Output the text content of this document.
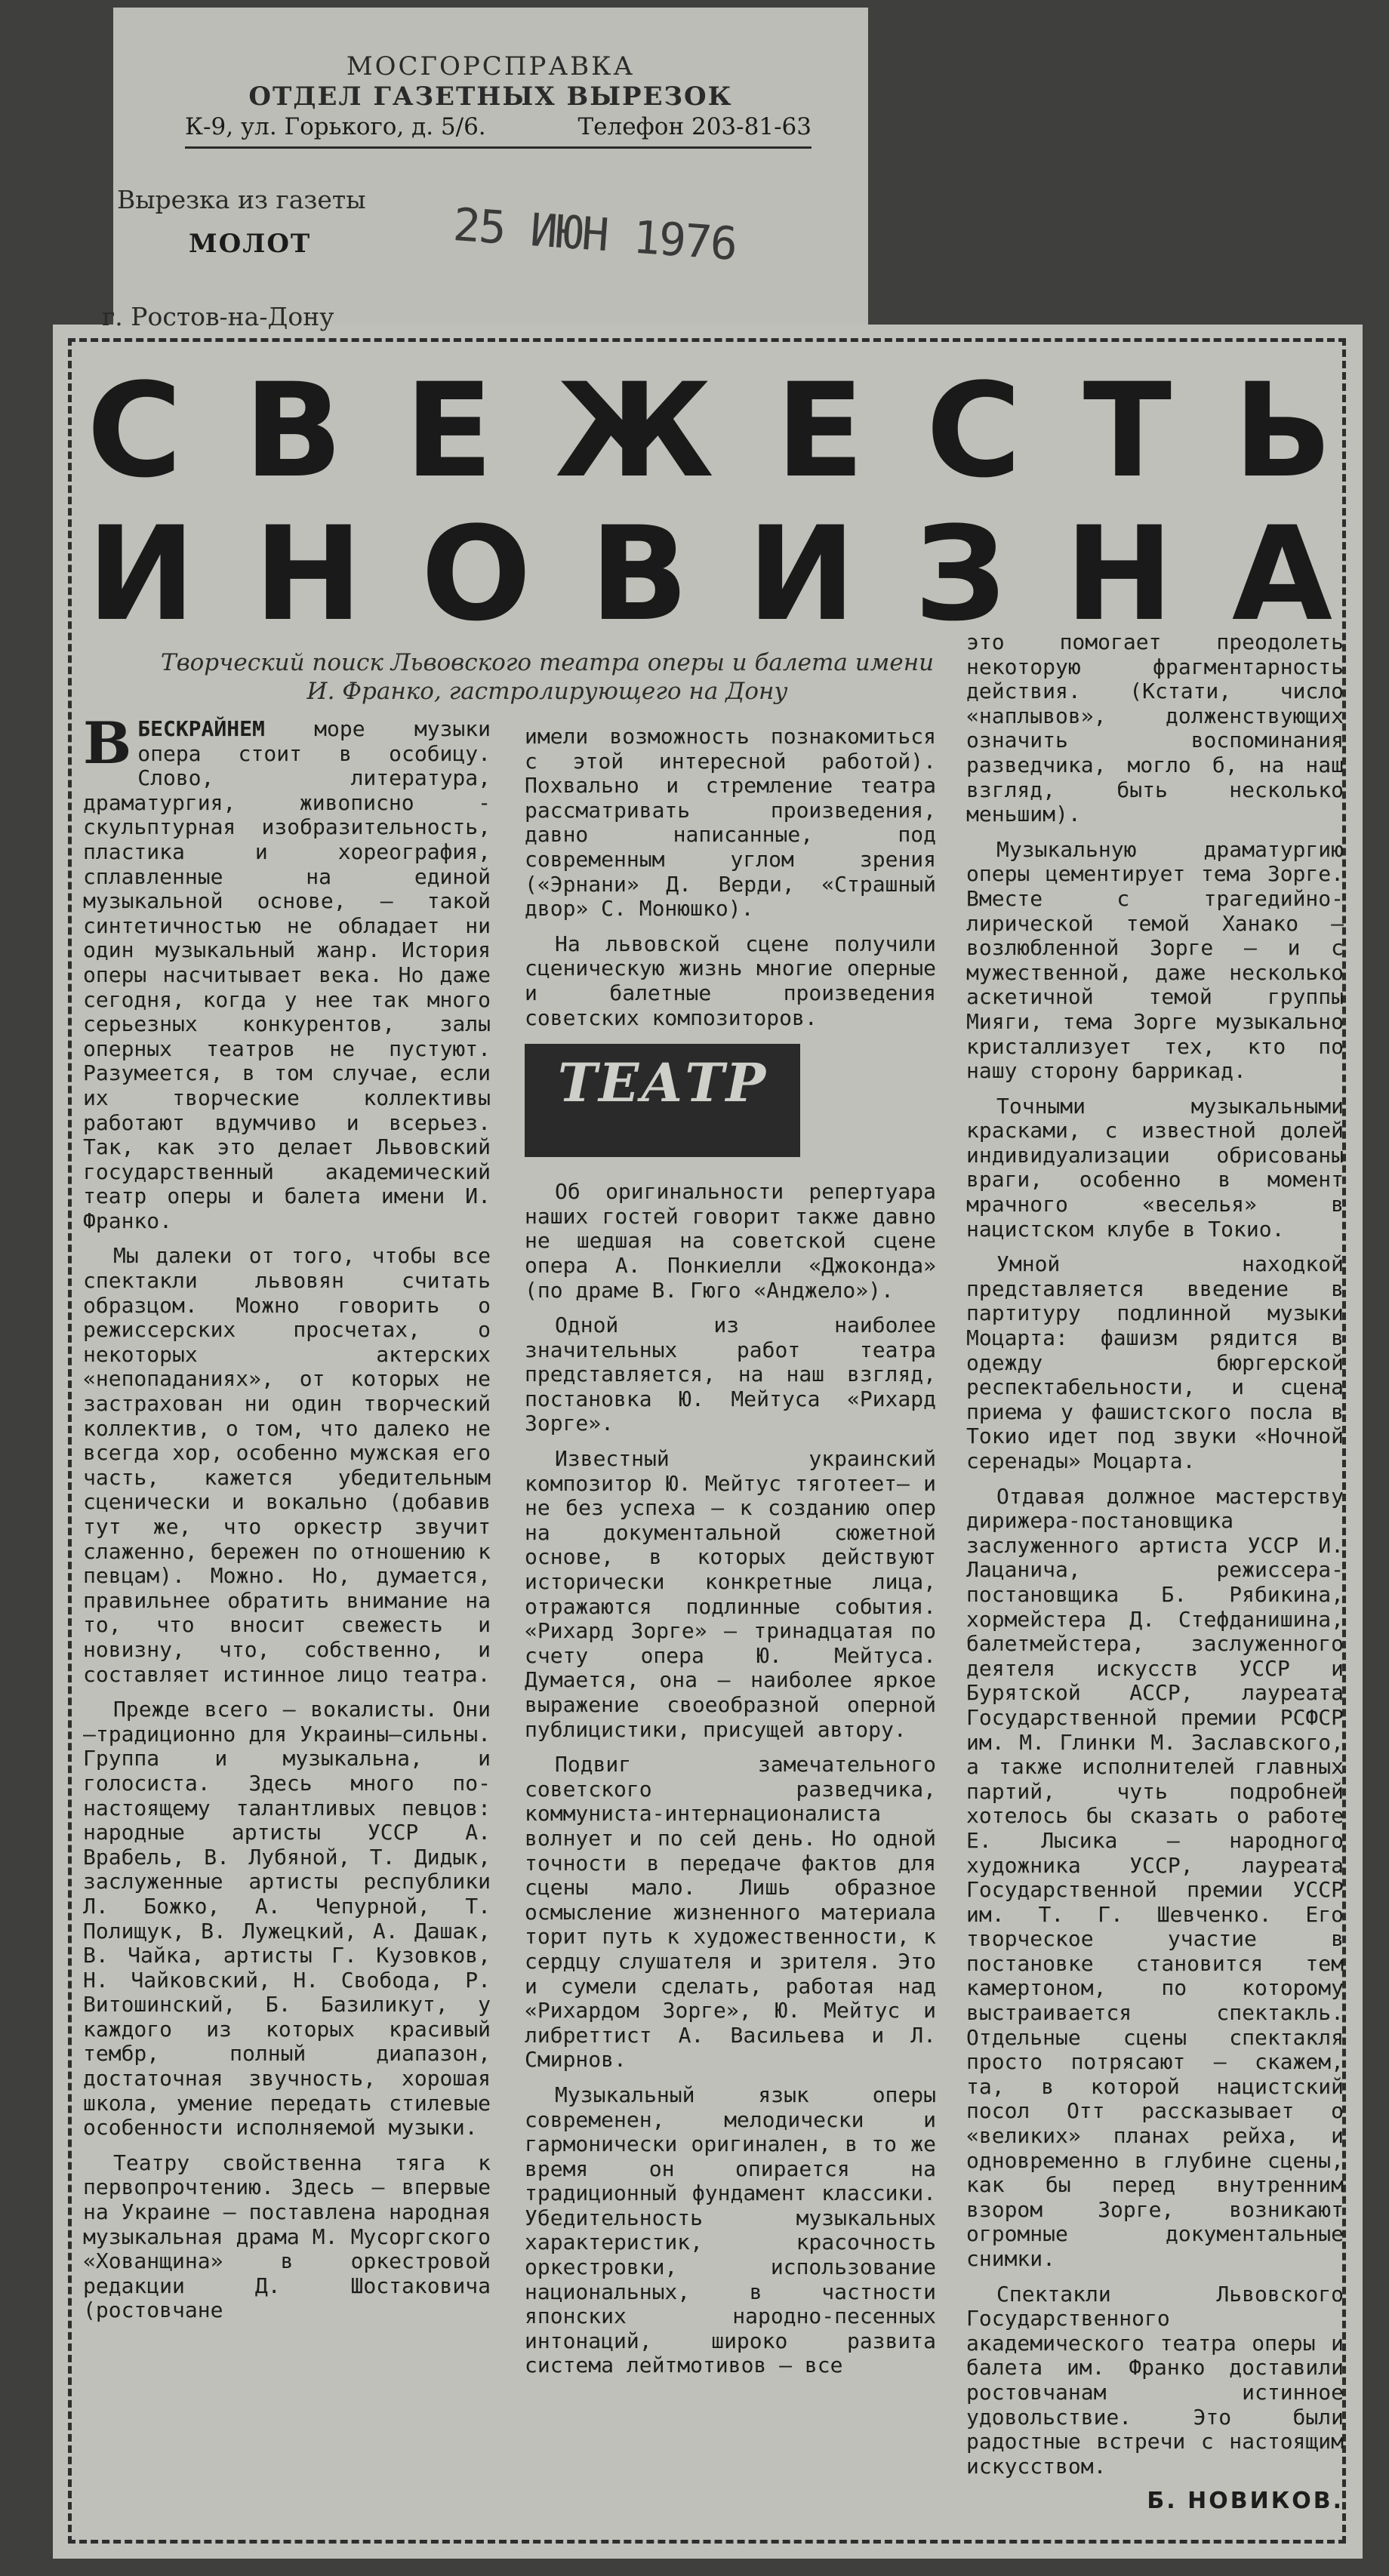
МОСГОРСПРАВКА
ОТДЕЛ ГАЗЕТНЫХ ВЫРЕЗОК
К-9, ул. Горького, д. 5/6.	Телефон 203-81-63
Вырезка из газеты
МОЛОТ	25 ИЮН 1976
С В Е Ж Е С Т Ь
И Н О В И З Н А
Творческий поиск Львовского театра оперы и балета имени И. Франко, гастролирующего на Дону

ВБЕСКРАЙНЕМ море музыки опера стоит в особицу. Слово, литература, драматургия, живописно - скульптурная изобразительность, пластика и хореография, сплавленные на единой музыкальной основе, — такой синтетичностью не обладает ни один музыкальный жанр. История оперы насчитывает века. Но даже сегодня, когда у нее так много серьезных конкурентов, залы оперных театров не пустуют. Разумеется, в том случае, если их творческие коллективы работают вдумчиво и всерьез. Так, как это делает Львовский государственный академический театр оперы и балета имени И. Франко.

Мы далеки от того, чтобы все спектакли львовян считать образцом. Можно говорить о режиссерских просчетах, о некоторых актерских «непопаданиях», от которых не застрахован ни один творческий коллектив, о том, что далеко не всегда хор, особенно мужская его часть, кажется убедительным сценически и вокально (добавив тут же, что оркестр звучит слаженно, бережен по отношению к певцам). Можно. Но, думается, правильнее обратить внимание на то, что вносит свежесть и новизну, что, собственно, и составляет истинное лицо театра.

Прежде всего — вокалисты. Они—традиционно для Украины—сильны. Группа и музыкальна, и голосиста. Здесь много по-настоящему талантливых певцов: народные артисты УССР А. Врабель, В. Лубяной, Т. Дидык, заслуженные артисты республики Л. Божко, А. Чепурной, Т. Полищук, В. Лужецкий, А. Дашак, В. Чайка, артисты Г. Кузовков, Н. Чайковский, Н. Свобода, Р. Витошинский, Б. Базиликут, у каждого из которых красивый тембр, полный диапазон, достаточная звучность, хорошая школа, умение передать стилевые особенности исполняемой музыки.

Театру свойственна тяга к первопрочтению. Здесь — впервые на Украине — поставлена народная музыкальная драма М. Мусоргского «Хованщина» в оркестровой редакции Д. Шостаковича (ростовчане

имели возможность познакомиться с этой интересной работой). Похвально и стремление театра рассматривать произведения, давно написанные, под современным углом зрения («Эрнани» Д. Верди, «Страшный двор» С. Монюшко).

На львовской сцене получили сценическую жизнь многие оперные и балетные произведения советских композиторов.

ТЕАТР

Об оригинальности репертуара наших гостей говорит также давно не шедшая на советской сцене опера А. Понкиелли «Джоконда» (по драме В. Гюго «Анджело»).

Одной из наиболее значительных работ театра представляется, на наш взгляд, постановка Ю. Мейтуса «Рихард Зорге».

Известный украинский композитор Ю. Мейтус тяготеет— и не без успеха — к созданию опер на документальной сюжетной основе, в которых действуют исторически конкретные лица, отражаются подлинные события. «Рихард Зорге» — тринадцатая по счету опера Ю. Мейтуса. Думается, она — наиболее яркое выражение своеобразной оперной публицистики, присущей автору.

Подвиг замечательного советского разведчика, коммуниста-интернационалиста волнует и по сей день. Но одной точности в передаче фактов для сцены мало. Лишь образное осмысление жизненного материала торит путь к художественности, к сердцу слушателя и зрителя. Это и сумели сделать, работая над «Рихардом Зорге», Ю. Мейтус и либреттист А. Васильева и Л. Смирнов.

Музыкальный язык оперы современен, мелодически и гармонически оригинален, в то же время он опирается на традиционный фундамент классики. Убедительность музыкальных характеристик, красочность оркестровки, использование национальных, в частности японских народно-песенных интонаций, широко развита система лейтмотивов — все

это помогает преодолеть некоторую фрагментарность действия. (Кстати, число «наплывов», долженствующих означить воспоминания разведчика, могло б, на наш взгляд, быть несколько меньшим).

Музыкальную драматургию оперы цементирует тема Зорге. Вместе с трагедийно-лирической темой Ханако — возлюбленной Зорге — и с мужественной, даже несколько аскетичной темой группы Мияги, тема Зорге музыкально кристаллизует тех, кто по нашу сторону баррикад.

Точными музыкальными красками, с известной долей индивидуализации обрисованы враги, особенно в момент мрачного «веселья» в нацистском клубе в Токио.

Умной находкой представляется введение в партитуру подлинной музыки Моцарта: фашизм рядится в одежду бюргерской респектабельности, и сцена приема у фашистского посла в Токио идет под звуки «Ночной серенады» Моцарта.

Отдавая должное мастерству дирижера-постановщика заслуженного артиста УССР И. Лацанича, режиссера-постановщика Б. Рябикина, хормейстера Д. Стефданишина, балетмейстера, заслуженного деятеля искусств УССР и Бурятской АССР, лауреата Государственной премии РСФСР им. М. Глинки М. Заславского, а также исполнителей главных партий, чуть подробней хотелось бы сказать о работе Е. Лысика — народного художника УССР, лауреата Государственной премии УССР им. Т. Г. Шевченко. Его творческое участие в постановке становится тем камертоном, по которому выстраивается спектакль. Отдельные сцены спектакля просто потрясают — скажем, та, в которой нацистский посол Отт рассказывает о «великих» планах рейха, и одновременно в глубине сцены, как бы перед внутренним взором Зорге, возникают огромные документальные снимки.

Спектакли Львовского Государственного академического театра оперы и балета им. Франко доставили ростовчанам истинное удовольствие. Это были радостные встречи с настоящим искусством.

Б. НОВИКОВ.
г. Ростов-на-Дону
